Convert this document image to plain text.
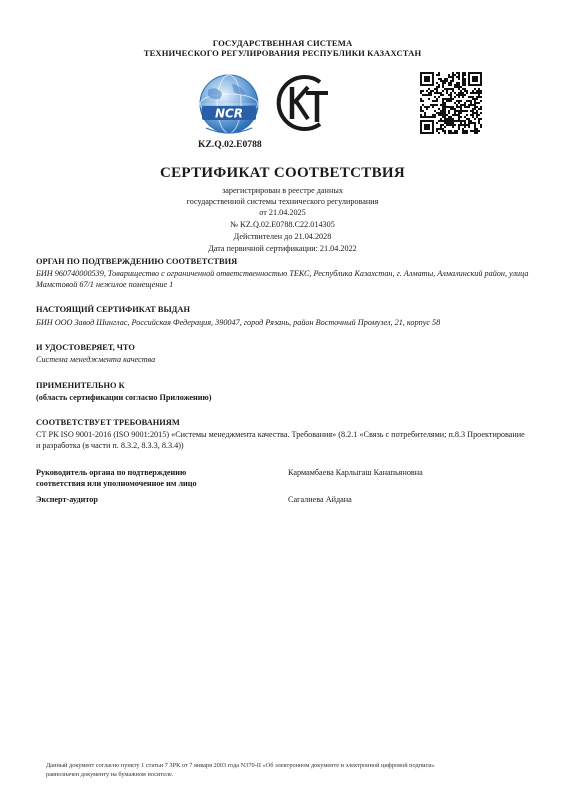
ГОСУДАРСТВЕННАЯ СИСТЕМА
ТЕХНИЧЕСКОГО РЕГУЛИРОВАНИЯ РЕСПУБЛИКИ КАЗАХСТАН
NCR
KZ.Q.02.E0788
СЕРТИФИКАТ СООТВЕТСТВИЯ
зарегистрирован в реестре данных
государственной системы технического регулирования
от 21.04.2025
№ KZ.Q.02.E0788.C22.014305
Действителен до 21.04.2028
Дата первичной сертификации: 21.04.2022
ОРГАН ПО ПОДТВЕРЖДЕНИЮ СООТВЕТСТВИЯ
БИН 960740000539, Товарищество с ограниченной ответственностью ТЕКС, Республика Казахстан, г. Алматы, Алмалинский район, улица Мамстовой 67/1 нежилое помещение 1
НАСТОЯЩИЙ СЕРТИФИКАТ ВЫДАН
БИН ООО Завод Шинглас, Российская Федерация, 390047, город Рязань, район Восточный Промузел, 21, корпус 58
И УДОСТОВЕРЯЕТ, ЧТО
Система менеджмента качества
ПРИМЕНИТЕЛЬНО К
(область сертификации согласно Приложению)
СООТВЕТСТВУЕТ ТРЕБОВАНИЯМ
СТ РК ISO 9001-2016 (ISO 9001:2015) «Системы менеджмента качества. Требования» (8.2.1 «Связь с потребителями; п.8.3 Проектирование и разработка (в части п. 8.3.2, 8.3.3, 8.3.4))
Руководитель органа по подтверждению
соответствия или уполномоченное им лицо
Кармамбаева Карлыгаш Канапьяновна
Эксперт-аудитор	Сагалиева Айдана
Данный документ согласно пункту 1 статьи 7 ЗРК от 7 января 2003 года N370-II «Об электронном документе и электронной цифровой подписи»
равнозначен документу на бумажном носителе.
